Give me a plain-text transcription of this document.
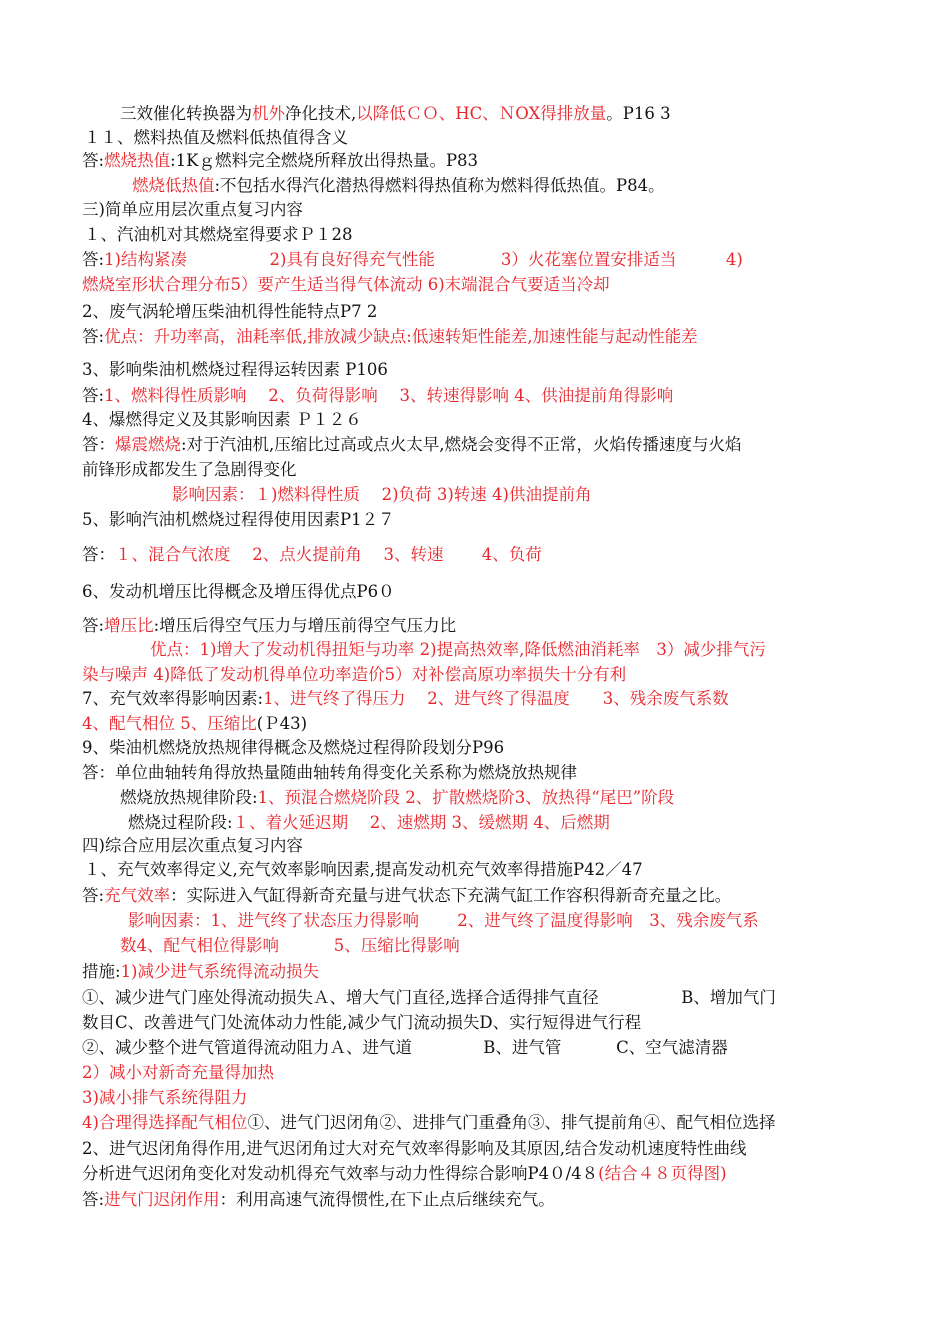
三效催化转换器为机外净化技术,以降低ＣＯ、HC、ＮOX得排放量。P16 3
１１、燃料热值及燃料低热值得含义
答:燃烧热值:1Kｇ燃料完全燃烧所释放出得热量。P83
燃烧低热值:不包括水得汽化潜热得燃料得热值称为燃料得低热值。P84。
三)简单应用层次重点复习内容
１、汽油机对其燃烧室得要求Ｐ１28
答:1)结构紧凑　　　　　2)具有良好得充气性能　　　　3）火花塞位置安排适当　　　4)
燃烧室形状合理分布5）要产生适当得气体流动 6)末端混合气要适当冷却
2、废气涡轮增压柴油机得性能特点P7 2
答:优点：升功率高，油耗率低,排放减少缺点:低速转矩性能差,加速性能与起动性能差
3、影响柴油机燃烧过程得运转因素 P106
答:1、燃料得性质影响　 2、负荷得影响　 3、转速得影响 4、供油提前角得影响
4、爆燃得定义及其影响因素 Ｐ１２６
答：爆震燃烧:对于汽油机,压缩比过高或点火太早,燃烧会变得不正常，火焰传播速度与火焰
前锋形成都发生了急剧得变化
影响因素：１)燃料得性质　 2)负荷 3)转速 4)供油提前角
5、影响汽油机燃烧过程得使用因素P1２７
答：１、混合气浓度　 2、点火提前角　 3、转速　　 4、负荷
6、发动机增压比得概念及增压得优点P6０
答:增压比:增压后得空气压力与增压前得空气压力比
优点：1)增大了发动机得扭矩与功率 2)提高热效率,降低燃油消耗率　3）减少排气污
染与噪声 4)降低了发动机得单位功率造价5）对补偿高原功率损失十分有利
7、充气效率得影响因素:1、进气终了得压力　 2、进气终了得温度　　3、残余废气系数
4、配气相位 5、压缩比(Ｐ43)
9、柴油机燃烧放热规律得概念及燃烧过程得阶段划分P96
答：单位曲轴转角得放热量随曲轴转角得变化关系称为燃烧放热规律
燃烧放热规律阶段:1、预混合燃烧阶段 2、扩散燃烧阶3、放热得“尾巴”阶段
燃烧过程阶段:１、着火延迟期　 2、速燃期 3、缓燃期 4、后燃期
四)综合应用层次重点复习内容
１、充气效率得定义,充气效率影响因素,提高发动机充气效率得措施P42／47
答:充气效率：实际进入气缸得新奇充量与进气状态下充满气缸工作容积得新奇充量之比。
影响因素：1、进气终了状态压力得影响　　 2、进气终了温度得影响　3、残余废气系
数4、配气相位得影响　　　 5、压缩比得影响
措施:1)减少进气系统得流动损失
①、减少进气门座处得流动损失Ａ、增大气门直径,选择合适得排气直径　　　　　B、增加气门
数目C、改善进气门处流体动力性能,减少气门流动损失D、实行短得进气行程
②、减少整个进气管道得流动阻力Ａ、进气道　　　　 B、进气管　　　 C、空气滤清器
2）减小对新奇充量得加热
3)减小排气系统得阻力
4)合理得选择配气相位①、进气门迟闭角②、进排气门重叠角③、排气提前角④、配气相位选择
2、进气迟闭角得作用,进气迟闭角过大对充气效率得影响及其原因,结合发动机速度特性曲线
分析进气迟闭角变化对发动机得充气效率与动力性得综合影响P4０/4８(结合４８页得图)
答:进气门迟闭作用：利用高速气流得惯性,在下止点后继续充气。
